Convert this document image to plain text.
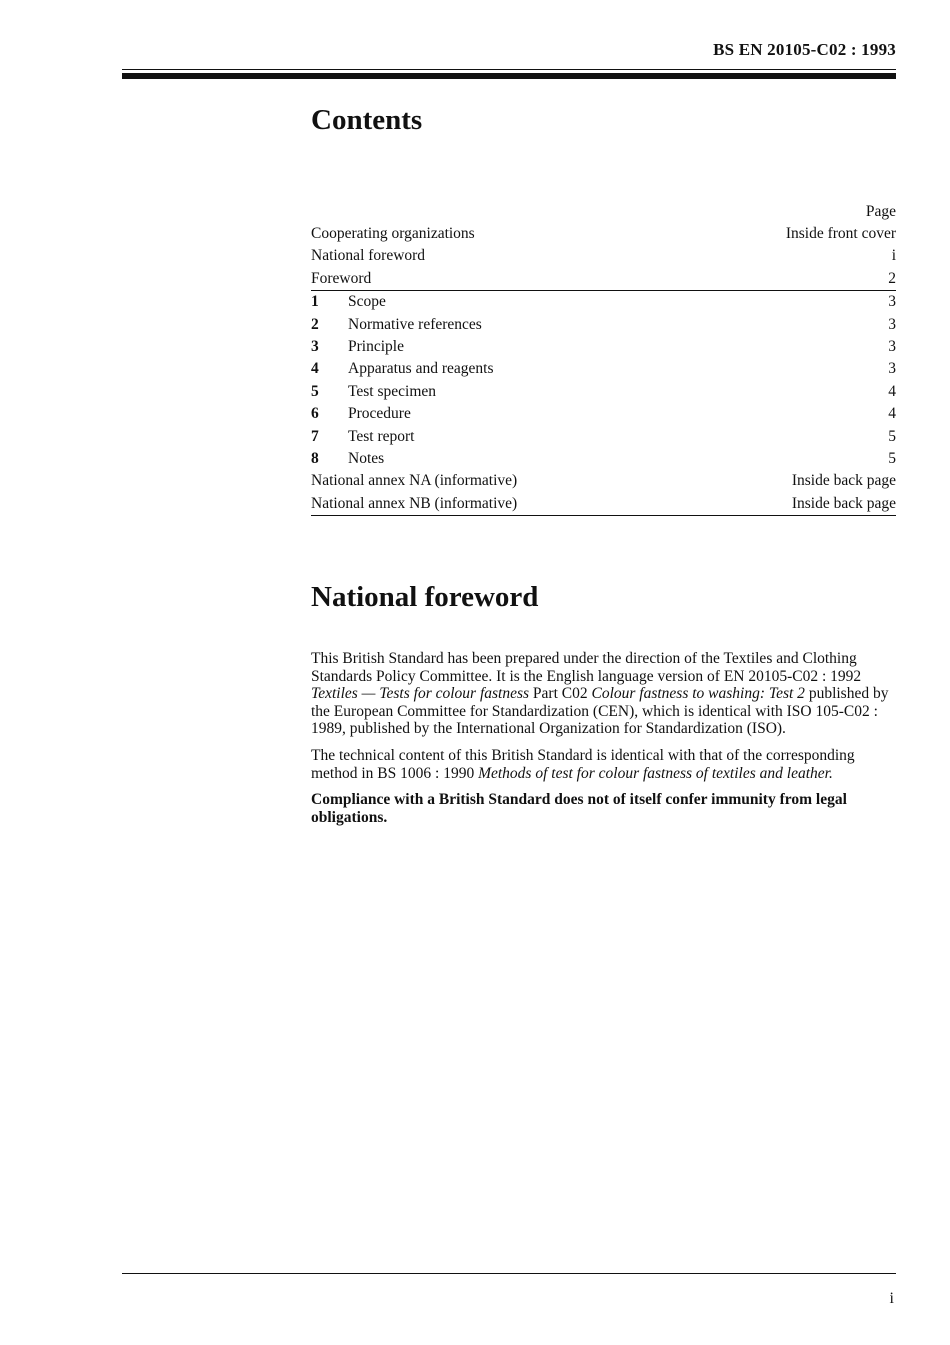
BS EN 20105-C02 : 1993
Contents
Page
Cooperating organizations	Inside front cover
National foreword	i
Foreword	2
1	Scope	3
2	Normative references	3
3	Principle	3
4	Apparatus and reagents	3
5	Test specimen	4
6	Procedure	4
7	Test report	5
8	Notes	5
National annex NA (informative)	Inside back page
National annex NB (informative)	Inside back page
National foreword

This British Standard has been prepared under the direction of the Textiles and Clothing Standards Policy Committee. It is the English language version of EN 20105-C02 : 1992 Textiles — Tests for colour fastness Part C02 Colour fastness to washing: Test 2 published by the European Committee for Standardization (CEN), which is identical with ISO 105-C02 : 1989, published by the International Organization for Standardization (ISO).

The technical content of this British Standard is identical with that of the corresponding method in BS 1006 : 1990 Methods of test for colour fastness of textiles and leather.

Compliance with a British Standard does not of itself confer immunity from legal obligations.

i
